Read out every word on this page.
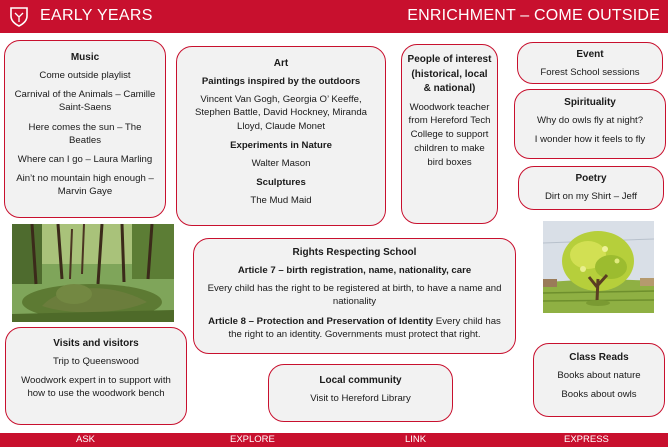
EARLY YEARS	ENRICHMENT – COME OUTSIDE
Music
Come outside playlist
Carnival of the Animals – Camille Saint-Saens
Here comes the sun – The Beatles
Where can I go – Laura Marling
Ain’t no mountain high enough – Marvin Gaye
Art
Paintings inspired by the outdoors
Vincent Van Gogh, Georgia O’ Keeffe, Stephen Battle, David Hockney, Miranda Lloyd, Claude Monet
Experiments in Nature
Walter Mason
Sculptures
The Mud Maid
People of interest (historical, local & national)
Woodwork teacher from Hereford Tech College to support children to make bird boxes
Event
Forest School sessions
Spirituality
Why do owls fly at night?
I wonder how it feels to fly
Poetry
Dirt on my Shirt – Jeff
Rights Respecting School
Article 7 – birth registration, name, nationality, care
Every child has the right to be registered at birth, to have a name and nationality
Article 8 – Protection and Preservation of Identity Every child has the right to an identity. Governments must protect that right.
Visits and visitors
Trip to Queenswood
Woodwork expert in to support with how to use the woodwork bench
Local community
Visit to Hereford Library
Class Reads
Books about nature
Books about owls
ASK	EXPLORE	LINK	EXPRESS
